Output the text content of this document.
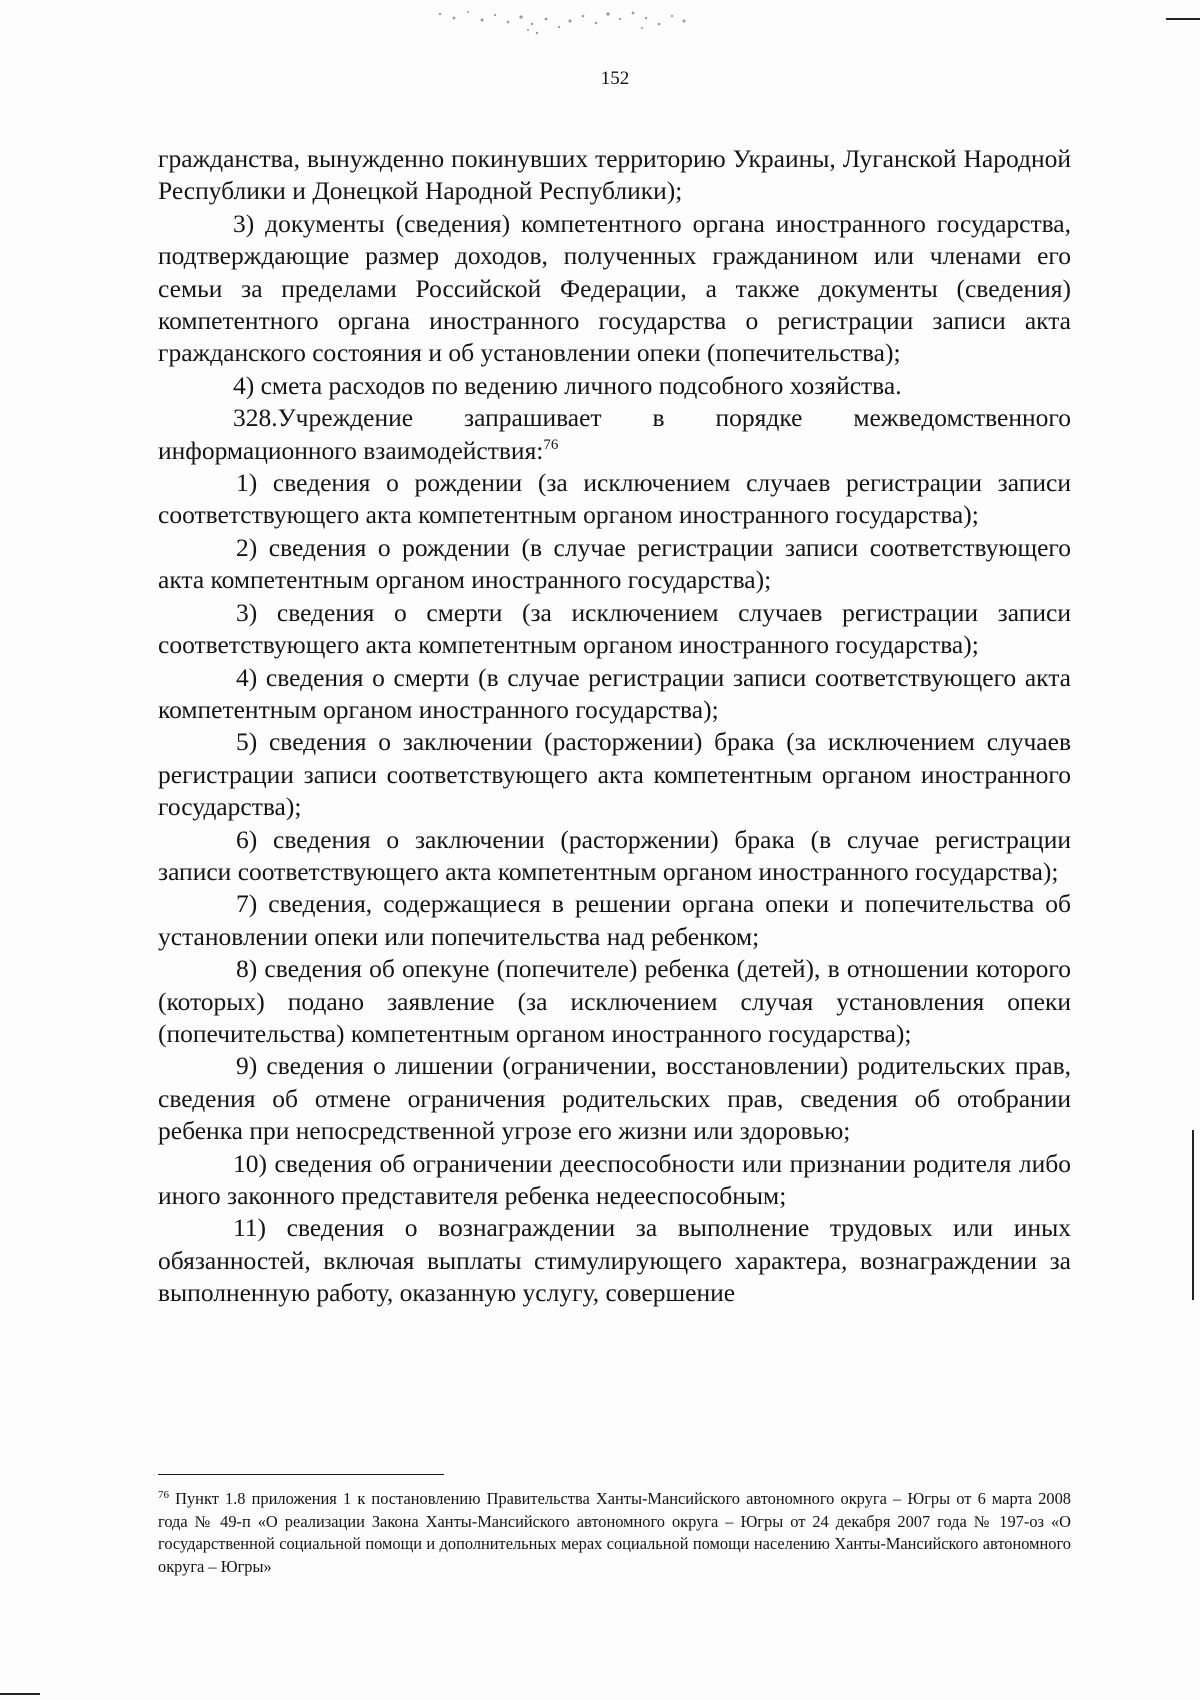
152

гражданства, вынужденно покинувших территорию Украины, Луганской Народной Республики и Донецкой Народной Республики);

3) документы (сведения) компетентного органа иностранного государства, подтверждающие размер доходов, полученных гражданином или членами его семьи за пределами Российской Федерации, а также документы (сведения) компетентного органа иностранного государства о регистрации записи акта гражданского состояния и об установлении опеки (попечительства);

4) смета расходов по ведению личного подсобного хозяйства.

328.Учреждение запрашивает в порядке межведомственного информационного взаимодействия:$^{76}$

1) сведения о рождении (за исключением случаев регистрации записи соответствующего акта компетентным органом иностранного государства);

2) сведения о рождении (в случае регистрации записи соответствующего акта компетентным органом иностранного государства);

3) сведения о смерти (за исключением случаев регистрации записи соответствующего акта компетентным органом иностранного государства);

4) сведения о смерти (в случае регистрации записи соответствующего акта компетентным органом иностранного государства);

5) сведения о заключении (расторжении) брака (за исключением случаев регистрации записи соответствующего акта компетентным органом иностранного государства);

6) сведения о заключении (расторжении) брака (в случае регистрации записи соответствующего акта компетентным органом иностранного государства);

7) сведения, содержащиеся в решении органа опеки и попечительства об установлении опеки или попечительства над ребенком;

8) сведения об опекуне (попечителе) ребенка (детей), в отношении которого (которых) подано заявление (за исключением случая установления опеки (попечительства) компетентным органом иностранного государства);

9) сведения о лишении (ограничении, восстановлении) родительских прав, сведения об отмене ограничения родительских прав, сведения об отобрании ребенка при непосредственной угрозе его жизни или здоровью;

10) сведения об ограничении дееспособности или признании родителя либо иного законного представителя ребенка недееспособным;

11) сведения о вознаграждении за выполнение трудовых или иных обязанностей, включая выплаты стимулирующего характера, вознаграждении за выполненную работу, оказанную услугу, совершение

$^{76}$ Пункт 1.8 приложения 1 к постановлению Правительства Ханты-Мансийского автономного округа – Югры от 6 марта 2008 года № 49-п «О реализации Закона Ханты-Мансийского автономного округа – Югры от 24 декабря 2007 года № 197-оз «О государственной социальной помощи и дополнительных мерах социальной помощи населению Ханты-Мансийского автономного округа – Югры»
